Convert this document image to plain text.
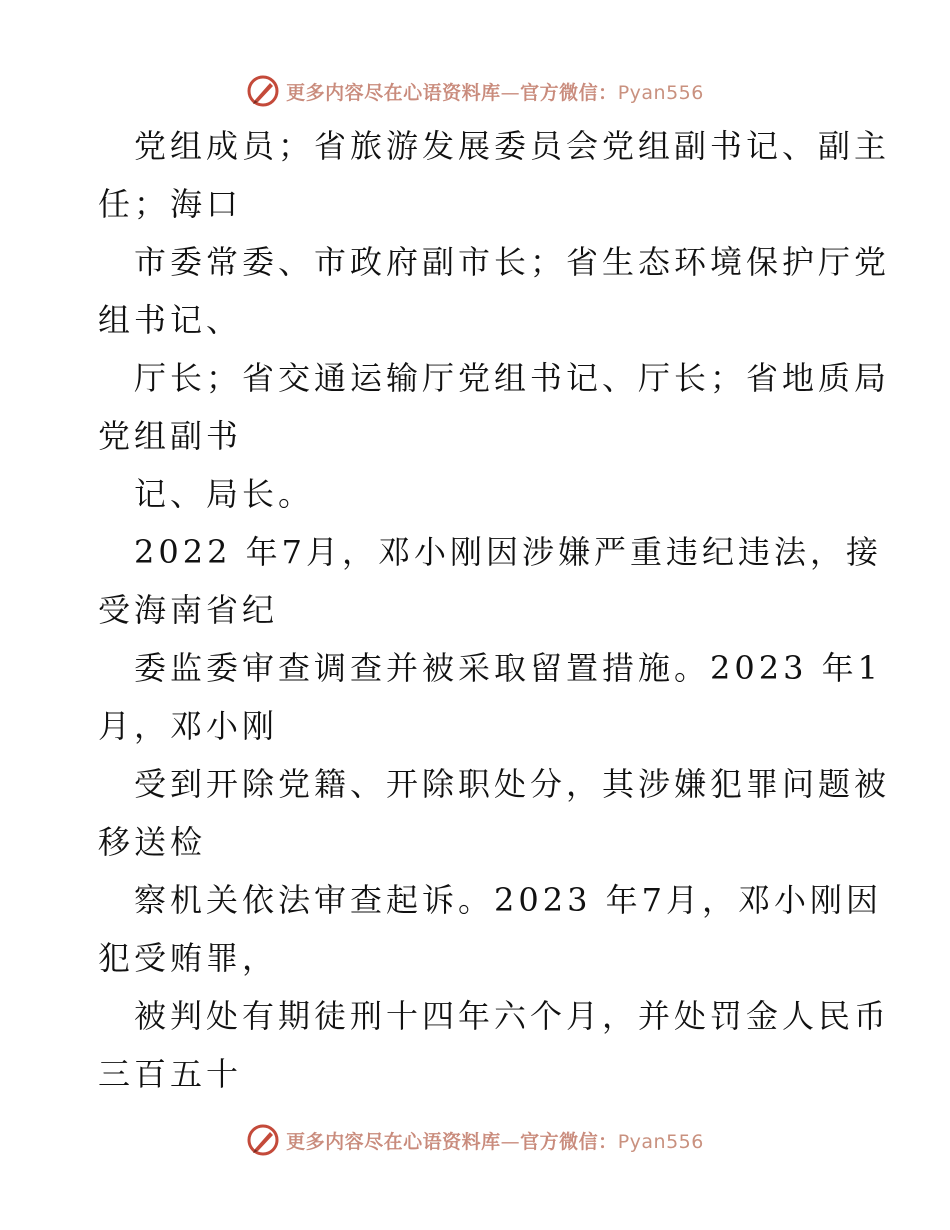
更多内容尽在心语资料库—官方微信：Pyan556
党组成员；省旅游发展委员会党组副书记、副主
任；海口
市委常委、市政府副市长；省生态环境保护厅党
组书记、
厅长；省交通运输厅党组书记、厅长；省地质局
党组副书
记、局长。
2022 年7月，邓小刚因涉嫌严重违纪违法，接
受海南省纪
委监委审查调查并被采取留置措施。2023 年1
月，邓小刚
受到开除党籍、开除职处分，其涉嫌犯罪问题被
移送检
察机关依法审查起诉。2023 年7月，邓小刚因
犯受贿罪，
被判处有期徒刑十四年六个月，并处罚金人民币
三百五十
更多内容尽在心语资料库—官方微信：Pyan556
